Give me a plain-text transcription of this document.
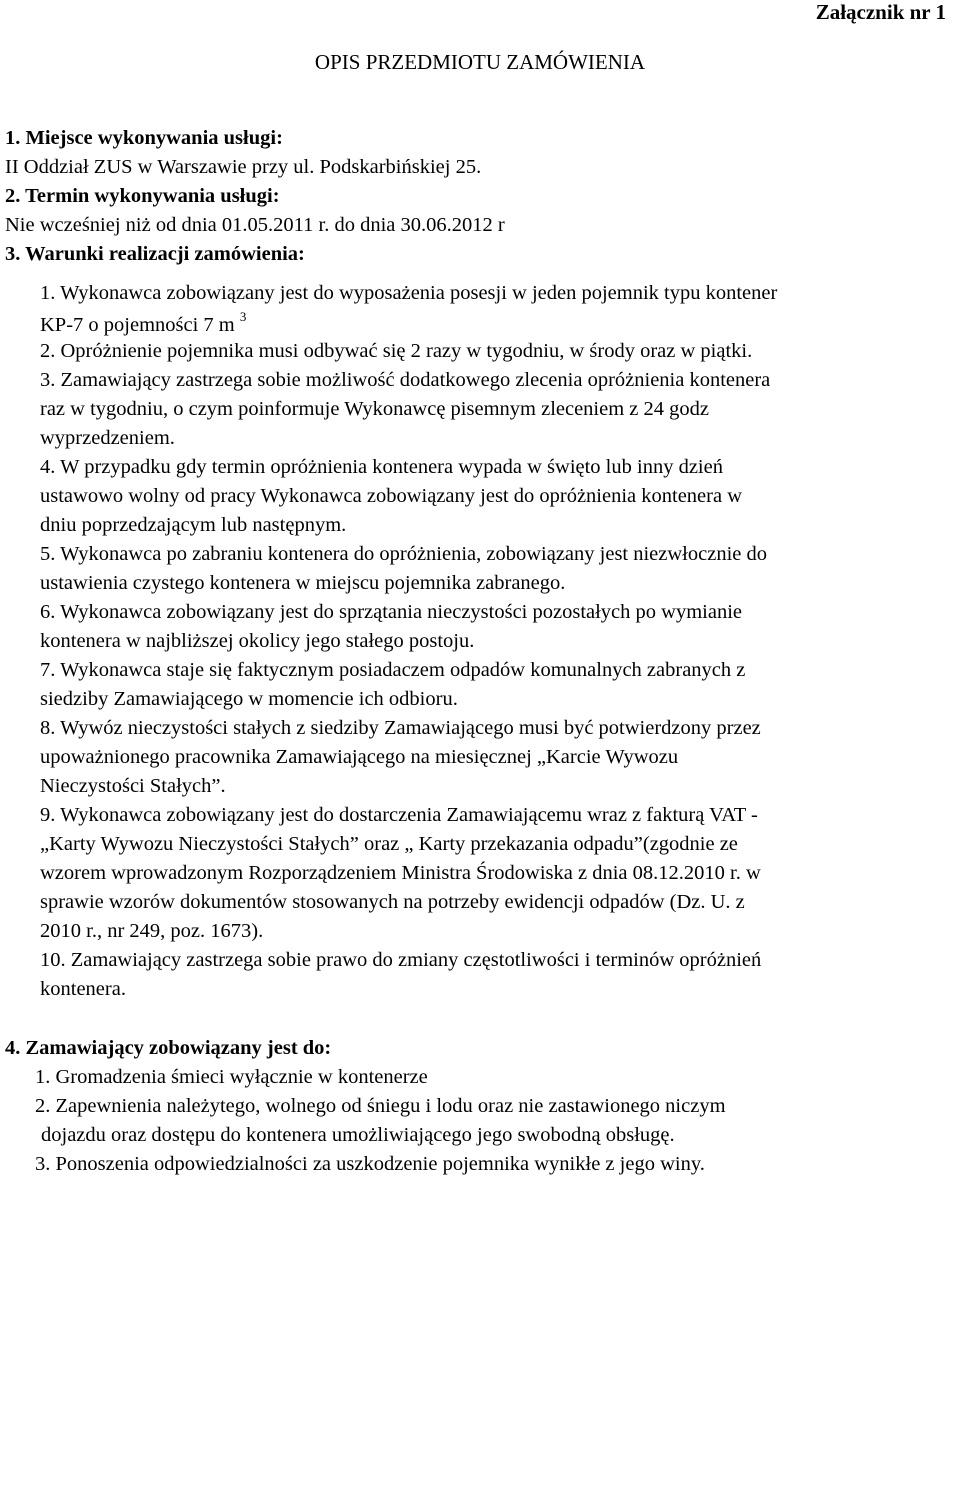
Załącznik nr 1
OPIS PRZEDMIOTU ZAMÓWIENIA
1. Miejsce wykonywania usługi:
II Oddział ZUS w Warszawie przy ul. Podskarbińskiej 25.
2. Termin wykonywania usługi:
Nie wcześniej niż od dnia 01.05.2011 r. do dnia 30.06.2012 r
3. Warunki realizacji zamówienia:
1. Wykonawca zobowiązany jest do wyposażenia posesji w jeden pojemnik typu kontener
KP-7 o pojemności 7 m $^3$
2. Opróżnienie pojemnika musi odbywać się 2 razy w tygodniu, w środy oraz w piątki.
3. Zamawiający zastrzega sobie możliwość dodatkowego zlecenia opróżnienia kontenera
raz w tygodniu, o czym poinformuje Wykonawcę pisemnym zleceniem z 24 godz
wyprzedzeniem.
4. W przypadku gdy termin opróżnienia kontenera wypada w święto lub inny dzień
ustawowo wolny od pracy Wykonawca zobowiązany jest do opróżnienia kontenera w
dniu poprzedzającym lub następnym.
5. Wykonawca po zabraniu kontenera do opróżnienia, zobowiązany jest niezwłocznie do
ustawienia czystego kontenera w miejscu pojemnika zabranego.
6. Wykonawca zobowiązany jest do sprzątania nieczystości pozostałych po wymianie
kontenera w najbliższej okolicy jego stałego postoju.
7. Wykonawca staje się faktycznym posiadaczem odpadów komunalnych zabranych z
siedziby Zamawiającego w momencie ich odbioru.
8. Wywóz nieczystości stałych z siedziby Zamawiającego musi być potwierdzony przez
upoważnionego pracownika Zamawiającego na miesięcznej „Karcie Wywozu
Nieczystości Stałych”.
9. Wykonawca zobowiązany jest do dostarczenia Zamawiającemu wraz z fakturą VAT -
„Karty Wywozu Nieczystości Stałych” oraz „ Karty przekazania odpadu”(zgodnie ze
wzorem wprowadzonym Rozporządzeniem Ministra Środowiska z dnia 08.12.2010 r. w
sprawie wzorów dokumentów stosowanych na potrzeby ewidencji odpadów (Dz. U. z
2010 r., nr 249, poz. 1673).
10. Zamawiający zastrzega sobie prawo do zmiany częstotliwości i terminów opróżnień
kontenera.
4. Zamawiający zobowiązany jest do:
1. Gromadzenia śmieci wyłącznie w kontenerze
2. Zapewnienia należytego, wolnego od śniegu i lodu oraz nie zastawionego niczym
dojazdu oraz dostępu do kontenera umożliwiającego jego swobodną obsługę.
3. Ponoszenia odpowiedzialności za uszkodzenie pojemnika wynikłe z jego winy.
